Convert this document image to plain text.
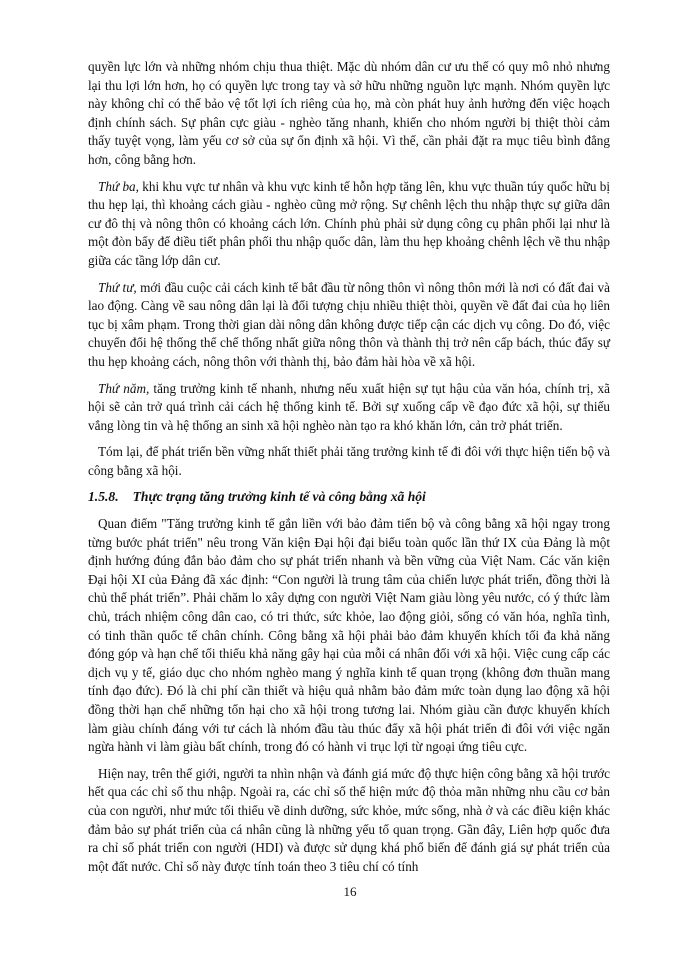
quyền lực lớn và những nhóm chịu thua thiệt. Mặc dù nhóm dân cư ưu thế có quy mô nhỏ nhưng lại thu lợi lớn hơn, họ có quyền lực trong tay và sở hữu những nguồn lực mạnh. Nhóm quyền lực này không chỉ có thể bảo vệ tốt lợi ích riêng của họ, mà còn phát huy ảnh hưởng đến việc hoạch định chính sách. Sự phân cực giàu - nghèo tăng nhanh, khiến cho nhóm người bị thiệt thòi cảm thấy tuyệt vọng, làm yếu cơ sở của sự ổn định xã hội. Vì thế, cần phải đặt ra mục tiêu bình đẳng hơn, công bằng hơn.

Thứ ba, khi khu vực tư nhân và khu vực kinh tế hỗn hợp tăng lên, khu vực thuần túy quốc hữu bị thu hẹp lại, thì khoảng cách giàu - nghèo cũng mở rộng. Sự chênh lệch thu nhập thực sự giữa dân cư đô thị và nông thôn có khoảng cách lớn. Chính phủ phải sử dụng công cụ phân phối lại như là một đòn bẩy để điều tiết phân phối thu nhập quốc dân, làm thu hẹp khoảng chênh lệch về thu nhập giữa các tầng lớp dân cư.

Thứ tư, mới đầu cuộc cải cách kinh tế bắt đầu từ nông thôn vì nông thôn mới là nơi có đất đai và lao động. Càng về sau nông dân lại là đối tượng chịu nhiều thiệt thòi, quyền về đất đai của họ liên tục bị xâm phạm. Trong thời gian dài nông dân không được tiếp cận các dịch vụ công. Do đó, việc chuyển đổi hệ thống thể chế thống nhất giữa nông thôn và thành thị trở nên cấp bách, thúc đẩy sự thu hẹp khoảng cách, nông thôn với thành thị, bảo đảm hài hòa về xã hội.

Thứ năm, tăng trưởng kinh tế nhanh, nhưng nếu xuất hiện sự tụt hậu của văn hóa, chính trị, xã hội sẽ cản trở quá trình cải cách hệ thống kinh tế. Bởi sự xuống cấp về đạo đức xã hội, sự thiếu vắng lòng tin và hệ thống an sinh xã hội nghèo nàn tạo ra khó khăn lớn, cản trở phát triển.

Tóm lại, để phát triển bền vững nhất thiết phải tăng trưởng kinh tế đi đôi với thực hiện tiến bộ và công bằng xã hội.

1.5.8. Thực trạng tăng trưởng kinh tế và công bằng xã hội

Quan điểm "Tăng trưởng kinh tế gắn liền với bảo đảm tiến bộ và công bằng xã hội ngay trong từng bước phát triển" nêu trong Văn kiện Đại hội đại biểu toàn quốc lần thứ IX của Đảng là một định hướng đúng đắn bảo đảm cho sự phát triển nhanh và bền vững của Việt Nam. Các văn kiện Đại hội XI của Đảng đã xác định: “Con người là trung tâm của chiến lược phát triển, đồng thời là chủ thể phát triển”. Phải chăm lo xây dựng con người Việt Nam giàu lòng yêu nước, có ý thức làm chủ, trách nhiệm công dân cao, có tri thức, sức khỏe, lao động giỏi, sống có văn hóa, nghĩa tình, có tinh thần quốc tế chân chính. Công bằng xã hội phải bảo đảm khuyến khích tối đa khả năng đóng góp và hạn chế tối thiểu khả năng gây hại của mỗi cá nhân đối với xã hội. Việc cung cấp các dịch vụ y tế, giáo dục cho nhóm nghèo mang ý nghĩa kinh tế quan trọng (không đơn thuần mang tính đạo đức). Đó là chi phí cần thiết và hiệu quả nhằm bảo đảm mức toàn dụng lao động xã hội đồng thời hạn chế những tổn hại cho xã hội trong tương lai. Nhóm giàu cần được khuyến khích làm giàu chính đáng với tư cách là nhóm đầu tàu thúc đẩy xã hội phát triển đi đôi với việc ngăn ngừa hành vi làm giàu bất chính, trong đó có hành vi trục lợi từ ngoại ứng tiêu cực.

Hiện nay, trên thế giới, người ta nhìn nhận và đánh giá mức độ thực hiện công bằng xã hội trước hết qua các chỉ số thu nhập. Ngoài ra, các chỉ số thể hiện mức độ thỏa mãn những nhu cầu cơ bản của con người, như mức tối thiểu về dinh dưỡng, sức khỏe, mức sống, nhà ở và các điều kiện khác đảm bảo sự phát triển của cá nhân cũng là những yếu tố quan trọng. Gần đây, Liên hợp quốc đưa ra chỉ số phát triển con người (HDI) và được sử dụng khá phổ biến để đánh giá sự phát triển của một đất nước. Chỉ số này được tính toán theo 3 tiêu chí có tính

16
